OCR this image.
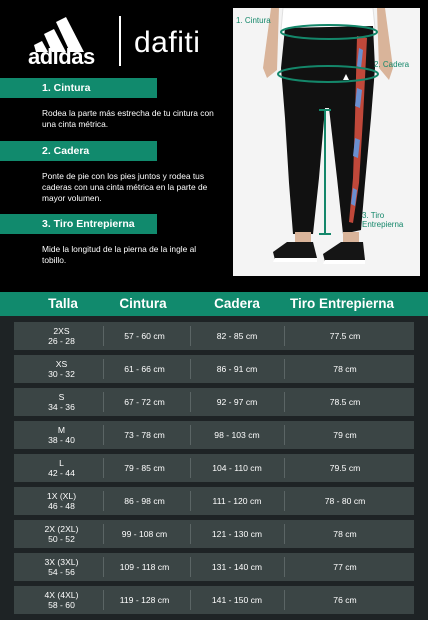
adidas dafiti
1. Cintura
Rodea la parte más estrecha de tu cintura con una cinta métrica.
2. Cadera
Ponte de pie con los pies juntos y rodea tus caderas con una cinta métrica en la parte de mayor volumen.
3. Tiro Entrepierna
Mide la longitud de la pierna de la ingle al tobillo.
1. Cintura
2. Cadera
3. Tiro
Entrepierna
Talla	Cintura	Cadera	Tiro Entrepierna
2XS
26 - 28	57 - 60 cm	82 - 85 cm	77.5 cm
XS
30 - 32	61 - 66 cm	86 - 91 cm	78 cm
S
34 - 36	67 - 72 cm	92 - 97 cm	78.5 cm
M
38 - 40	73 - 78 cm	98 - 103 cm	79 cm
L
42 - 44	79 - 85 cm	104 - 110 cm	79.5 cm
1X (XL)
46 - 48	86 - 98 cm	111 - 120 cm	78 - 80 cm
2X (2XL)
50 - 52	99 - 108 cm	121 - 130 cm	78 cm
3X (3XL)
54 - 56	109 - 118 cm	131 - 140 cm	77 cm
4X (4XL)
58 - 60	119 - 128 cm	141 - 150 cm	76 cm
